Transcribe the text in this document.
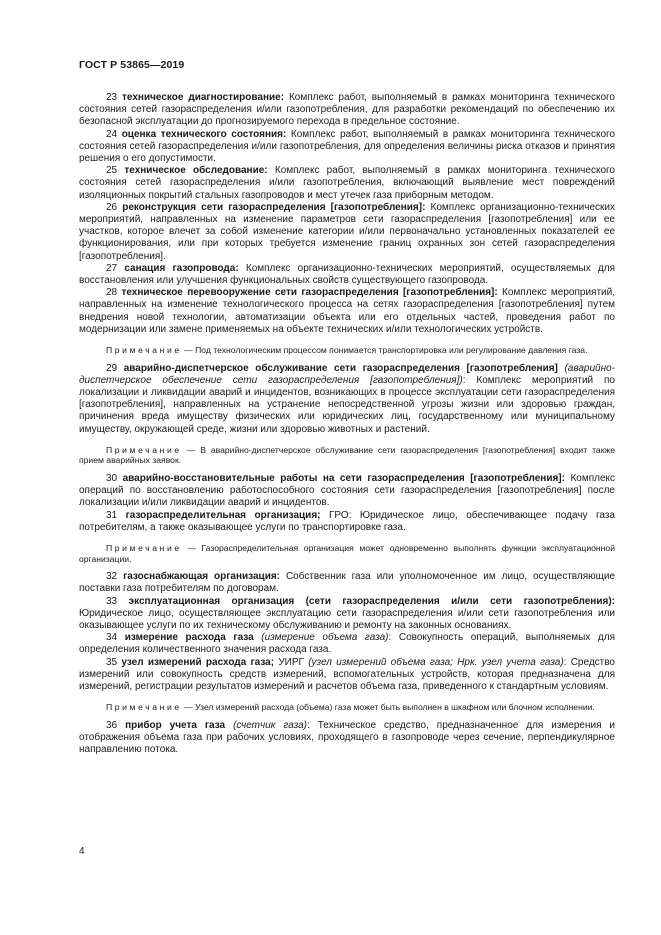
ГОСТ Р 53865—2019

23 техническое диагностирование: Комплекс работ, выполняемый в рамках мониторинга технического состояния сетей газораспределения и/или газопотребления, для разработки рекомендаций по обеспечению их безопасной эксплуатации до прогнозируемого перехода в предельное состояние.

24 оценка технического состояния: Комплекс работ, выполняемый в рамках мониторинга технического состояния сетей газораспределения и/или газопотребления, для определения величины риска отказов и принятия решения о его допустимости.

25 техническое обследование: Комплекс работ, выполняемый в рамках мониторинга технического состояния сетей газораспределения и/или газопотребления, включающий выявление мест повреждений изоляционных покрытий стальных газопроводов и мест утечек газа приборным методом.

26 реконструкция сети газораспределения [газопотребления]: Комплекс организационно-технических мероприятий, направленных на изменение параметров сети газораспределения [газопотребления] или ее участков, которое влечет за собой изменение категории и/или первоначально установленных показателей ее функционирования, или при которых требуется изменение границ охранных зон сетей газораспределения [газопотребления].

27 санация газопровода: Комплекс организационно-технических мероприятий, осуществляемых для восстановления или улучшения функциональных свойств существующего газопровода.

28 техническое перевооружение сети газораспределения [газопотребления]: Комплекс мероприятий, направленных на изменение технологического процесса на сетях газораспределения [газопотребления] путем внедрения новой технологии, автоматизации объекта или его отдельных частей, проведения работ по модернизации или замене применяемых на объекте технических и/или технологических устройств.

Примечание — Под технологическим процессом понимается транспортировка или регулирование давления газа.

29 аварийно-диспетчерское обслуживание сети газораспределения [газопотребления] (аварийно-диспетчерское обеспечение сети газораспределения [газопотребления]): Комплекс мероприятий по локализации и ликвидации аварий и инцидентов, возникающих в процессе эксплуатации сети газораспределения [газопотребления], направленных на устранение непосредственной угрозы жизни или здоровью граждан, причинения вреда имуществу физических или юридических лиц, государственному или муниципальному имуществу, окружающей среде, жизни или здоровью животных и растений.

Примечание — В аварийно-диспетчерское обслуживание сети газораспределения [газопотребления] входит также прием аварийных заявок.

30 аварийно-восстановительные работы на сети газораспределения [газопотребления]: Комплекс операций по восстановлению работоспособного состояния сети газораспределения [газопотребления] после локализации и/или ликвидации аварий и инцидентов.

31 газораспределительная организация; ГРО: Юридическое лицо, обеспечивающее подачу газа потребителям, а также оказывающее услуги по транспортировке газа.

Примечание — Газораспределительная организация может одновременно выполнять функции эксплуатационной организации.

32 газоснабжающая организация: Собственник газа или уполномоченное им лицо, осуществляющие поставки газа потребителям по договорам.

33 эксплуатационная организация (сети газораспределения и/или сети газопотребления): Юридическое лицо, осуществляющее эксплуатацию сети газораспределения и/или сети газопотребления или оказывающее услуги по их техническому обслуживанию и ремонту на законных основаниях.

34 измерение расхода газа (измерение объема газа): Совокупность операций, выполняемых для определения количественного значения расхода газа.

35 узел измерений расхода газа; УИРГ (узел измерений объема газа; Нрк. узел учета газа): Средство измерений или совокупность средств измерений, вспомогательных устройств, которая предназначена для измерений, регистрации результатов измерений и расчетов объема газа, приведенного к стандартным условиям.

Примечание — Узел измерений расхода (объема) газа может быть выполнен в шкафном или блочном исполнении.

36 прибор учета газа (счетчик газа): Техническое средство, предназначенное для измерения и отображения объема газа при рабочих условиях, проходящего в газопроводе через сечение, перпендикулярное направлению потока.

4
